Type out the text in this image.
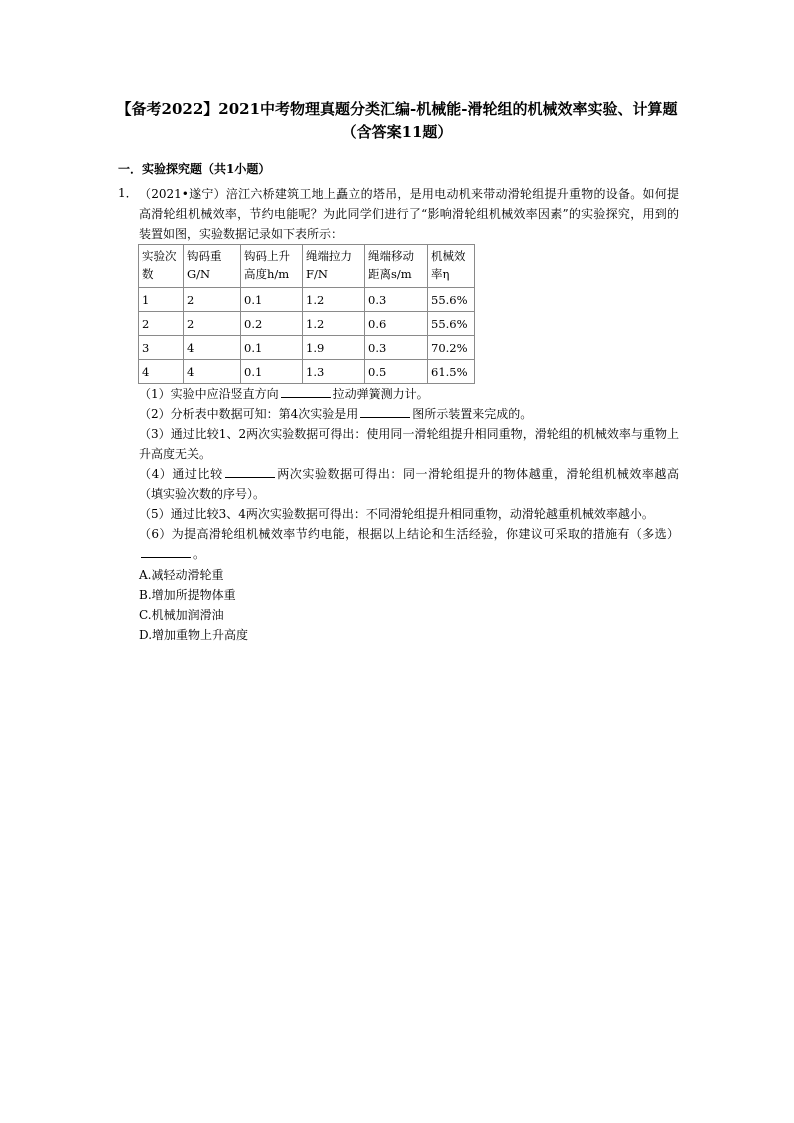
【备考2022】2021中考物理真题分类汇编-机械能-滑轮组的机械效率实验、计算题（含答案11题）
一．实验探究题（共1小题）
1． （2021•遂宁）涪江六桥建筑工地上矗立的塔吊，是用电动机来带动滑轮组提升重物的设备。如何提高滑轮组机械效率，节约电能呢？为此同学们进行了“影响滑轮组机械效率因素”的实验探究，用到的装置如图，实验数据记录如下表所示：

实验次数	钩码重G/N	钩码上升高度h/m	绳端拉力F/N	绳端移动距离s/m	机械效率η
1	2	0.1	1.2	0.3	55.6%
2	2	0.2	1.2	0.6	55.6%
3	4	0.1	1.9	0.3	70.2%
4	4	0.1	1.3	0.5	61.5%

（1）实验中应沿竖直方向	拉动弹簧测力计。

（2）分析表中数据可知：第4次实验是用	图所示装置来完成的。

（3）通过比较1、2两次实验数据可得出：使用同一滑轮组提升相同重物，滑轮组的机械效率与重物上升高度无关。

（4）通过比较	两次实验数据可得出：同一滑轮组提升的物体越重，滑轮组机械效率越高（填实验次数的序号）。

（5）通过比较3、4两次实验数据可得出：不同滑轮组提升相同重物，动滑轮越重机械效率越小。

（6）为提高滑轮组机械效率节约电能，根据以上结论和生活经验，你建议可采取的措施有（多选）。

A.减轻动滑轮重

B.增加所提物体重

C.机械加润滑油

D.增加重物上升高度
